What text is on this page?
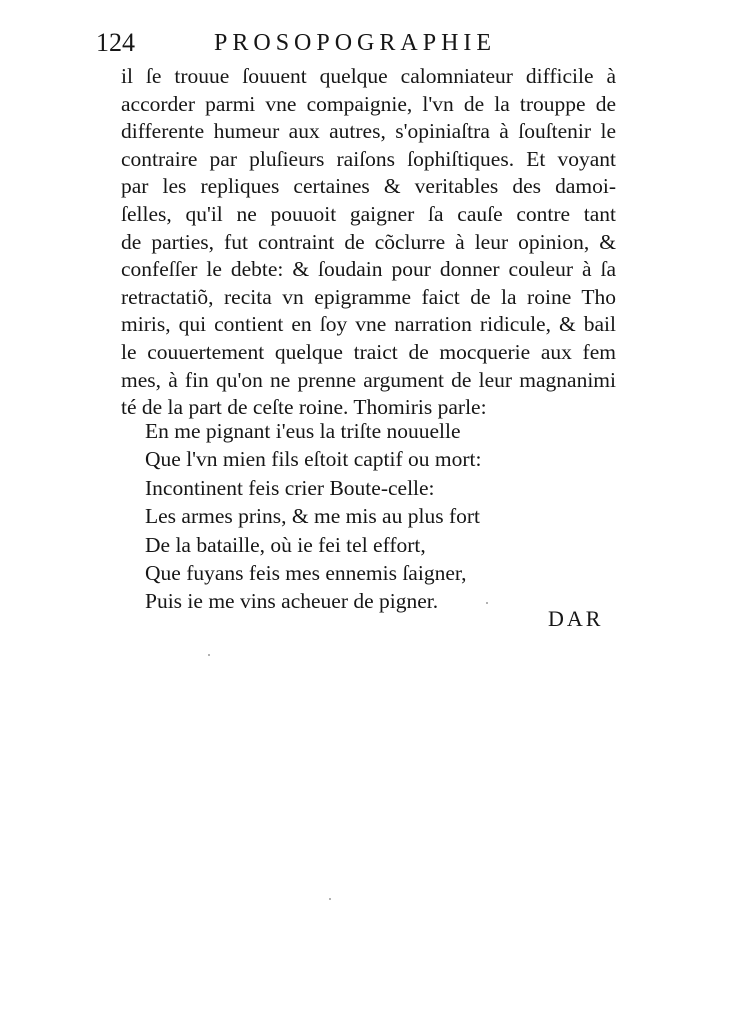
124	PROSOPOGRAPHIE
il ſe trouue ſouuent quelque calomniateur difficile à
accorder parmi vne compaignie, l'vn de la trouppe de
differente humeur aux autres, s'opiniaſtra à ſouſtenir le
contraire par pluſieurs raiſons ſophiſtiques. Et voyant
par les repliques certaines & veritables des damoi-
ſelles, qu'il ne pouuoit gaigner ſa cauſe contre tant
de parties, fut contraint de cõclurre à leur opinion, &
confeſſer le debte: & ſoudain pour donner couleur à ſa
retractatiõ, recita vn epigramme faict de la roine Tho
miris, qui contient en ſoy vne narration ridicule, & bail
le couuertement quelque traict de mocquerie aux fem
mes, à fin qu'on ne prenne argument de leur magnanimi
té de la part de ceſte roine. Thomiris parle:
En me pignant i'eus la triſte nouuelle
Que l'vn mien fils eſtoit captif ou mort:
Incontinent feis crier Boute-celle:
Les armes prins, & me mis au plus fort
De la bataille, où ie fei tel effort,
Que fuyans feis mes ennemis ſaigner,
Puis ie me vins acheuer de pigner.
DAR
